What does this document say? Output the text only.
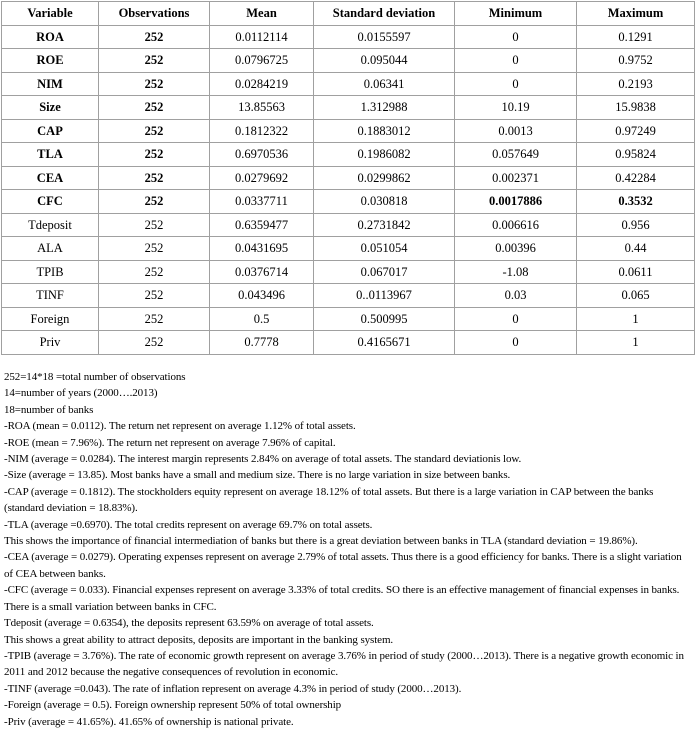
Variable	Observations	Mean	Standard deviation	Minimum	Maximum
ROA	252	0.0112114	0.0155597	0	0.1291
ROE	252	0.0796725	0.095044	0	0.9752
NIM	252	0.0284219	0.06341	0	0.2193
Size	252	13.85563	1.312988	10.19	15.9838
CAP	252	0.1812322	0.1883012	0.0013	0.97249
TLA	252	0.6970536	0.1986082	0.057649	0.95824
CEA	252	0.0279692	0.0299862	0.002371	0.42284
CFC	252	0.0337711	0.030818	0.0017886	0.3532
Tdeposit	252	0.6359477	0.2731842	0.006616	0.956
ALA	252	0.0431695	0.051054	0.00396	0.44
TPIB	252	0.0376714	0.067017	-1.08	0.0611
TINF	252	0.043496	0..0113967	0.03	0.065
Foreign	252	0.5	0.500995	0	1
Priv	252	0.7778	0.4165671	0	1
252=14*18 =total number of observations
14=number of years (2000….2013)
18=number of banks
-ROA (mean = 0.0112). The return net represent on average 1.12% of total assets.
-ROE (mean = 7.96%). The return net represent on average 7.96% of capital.
-NIM (average = 0.0284). The interest margin represents 2.84% on average of total assets. The standard deviationis low.
-Size (average = 13.85). Most banks have a small and medium size. There is no large variation in size between banks.
-CAP (average = 0.1812). The stockholders equity represent on average 18.12% of total assets. But there is a large variation in CAP between the banks (standard deviation = 18.83%).
-TLA (average =0.6970). The total credits represent on average 69.7% on total assets.
This shows the importance of financial intermediation of banks but there is a great deviation between banks in TLA (standard deviation = 19.86%).
-CEA (average = 0.0279). Operating expenses represent on average 2.79% of total assets. Thus there is a good efficiency for banks. There is a slight variation of CEA between banks.
-CFC (average = 0.033). Financial expenses represent on average 3.33% of total credits. SO there is an effective management of financial expenses in banks. There is a small variation between banks in CFC.
Tdeposit (average = 0.6354), the deposits represent 63.59% on average of total assets.
This shows a great ability to attract deposits, deposits are important in the banking system.
-TPIB (average = 3.76%). The rate of economic growth represent on average 3.76% in period of study (2000…2013). There is a negative growth economic in 2011 and 2012 because the negative consequences of revolution in economic.
-TINF (average =0.043). The rate of inflation represent on average 4.3% in period of study (2000…2013).
-Foreign (average = 0.5). Foreign ownership represent 50% of total ownership
-Priv (average = 41.65%). 41.65% of ownership is national private.
